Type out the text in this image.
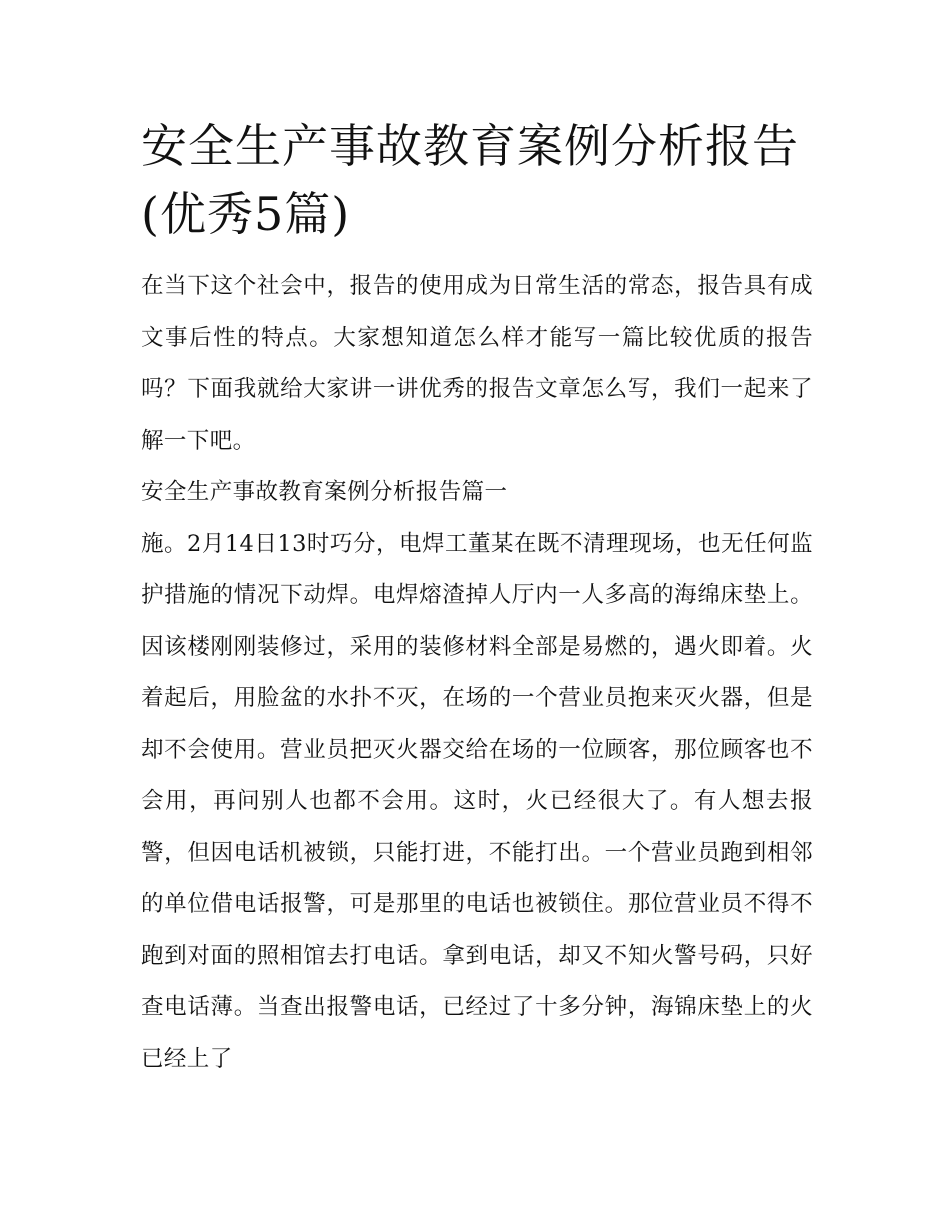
安全生产事故教育案例分析报告(优秀5篇)

在当下这个社会中，报告的使用成为日常生活的常态，报告具有成文事后性的特点。大家想知道怎么样才能写一篇比较优质的报告吗？下面我就给大家讲一讲优秀的报告文章怎么写，我们一起来了解一下吧。

安全生产事故教育案例分析报告篇一

施。2月14日13时巧分，电焊工董某在既不清理现场，也无任何监护措施的情况下动焊。电焊熔渣掉人厅内一人多高的海绵床垫上。因该楼刚刚装修过，采用的装修材料全部是易燃的，遇火即着。火着起后，用脸盆的水扑不灭，在场的一个营业员抱来灭火器，但是却不会使用。营业员把灭火器交给在场的一位顾客，那位顾客也不会用，再问别人也都不会用。这时，火已经很大了。有人想去报警，但因电话机被锁，只能打进，不能打出。一个营业员跑到相邻的单位借电话报警，可是那里的电话也被锁住。那位营业员不得不跑到对面的照相馆去打电话。拿到电话，却又不知火警号码，只好查电话薄。当查出报警电话，已经过了十多分钟，海锦床垫上的火已经上了
